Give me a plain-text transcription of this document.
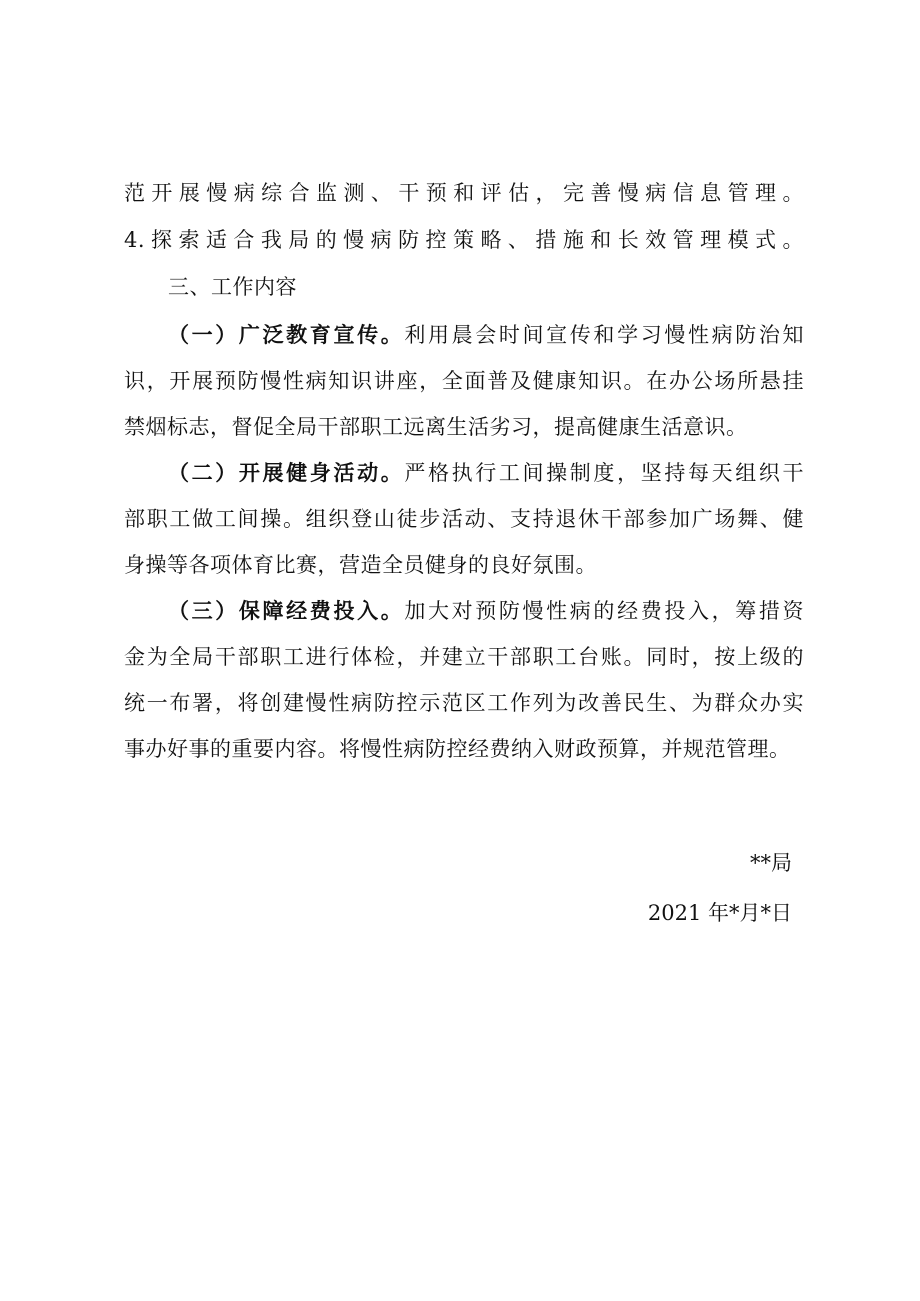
范开展慢病综合监测、干预和评估，完善慢病信息管理。
4.探索适合我局的慢病防控策略、措施和长效管理模式。
三、工作内容
（一）广泛教育宣传。利用晨会时间宣传和学习慢性病防治知
识，开展预防慢性病知识讲座，全面普及健康知识。在办公场所悬挂
禁烟标志，督促全局干部职工远离生活劣习，提高健康生活意识。
（二）开展健身活动。严格执行工间操制度，坚持每天组织干
部职工做工间操。组织登山徒步活动、支持退休干部参加广场舞、健
身操等各项体育比赛，营造全员健身的良好氛围。
（三）保障经费投入。加大对预防慢性病的经费投入，筹措资
金为全局干部职工进行体检，并建立干部职工台账。同时，按上级的
统一布署，将创建慢性病防控示范区工作列为改善民生、为群众办实
事办好事的重要内容。将慢性病防控经费纳入财政预算，并规范管理。
**局
2021 年*月*日
